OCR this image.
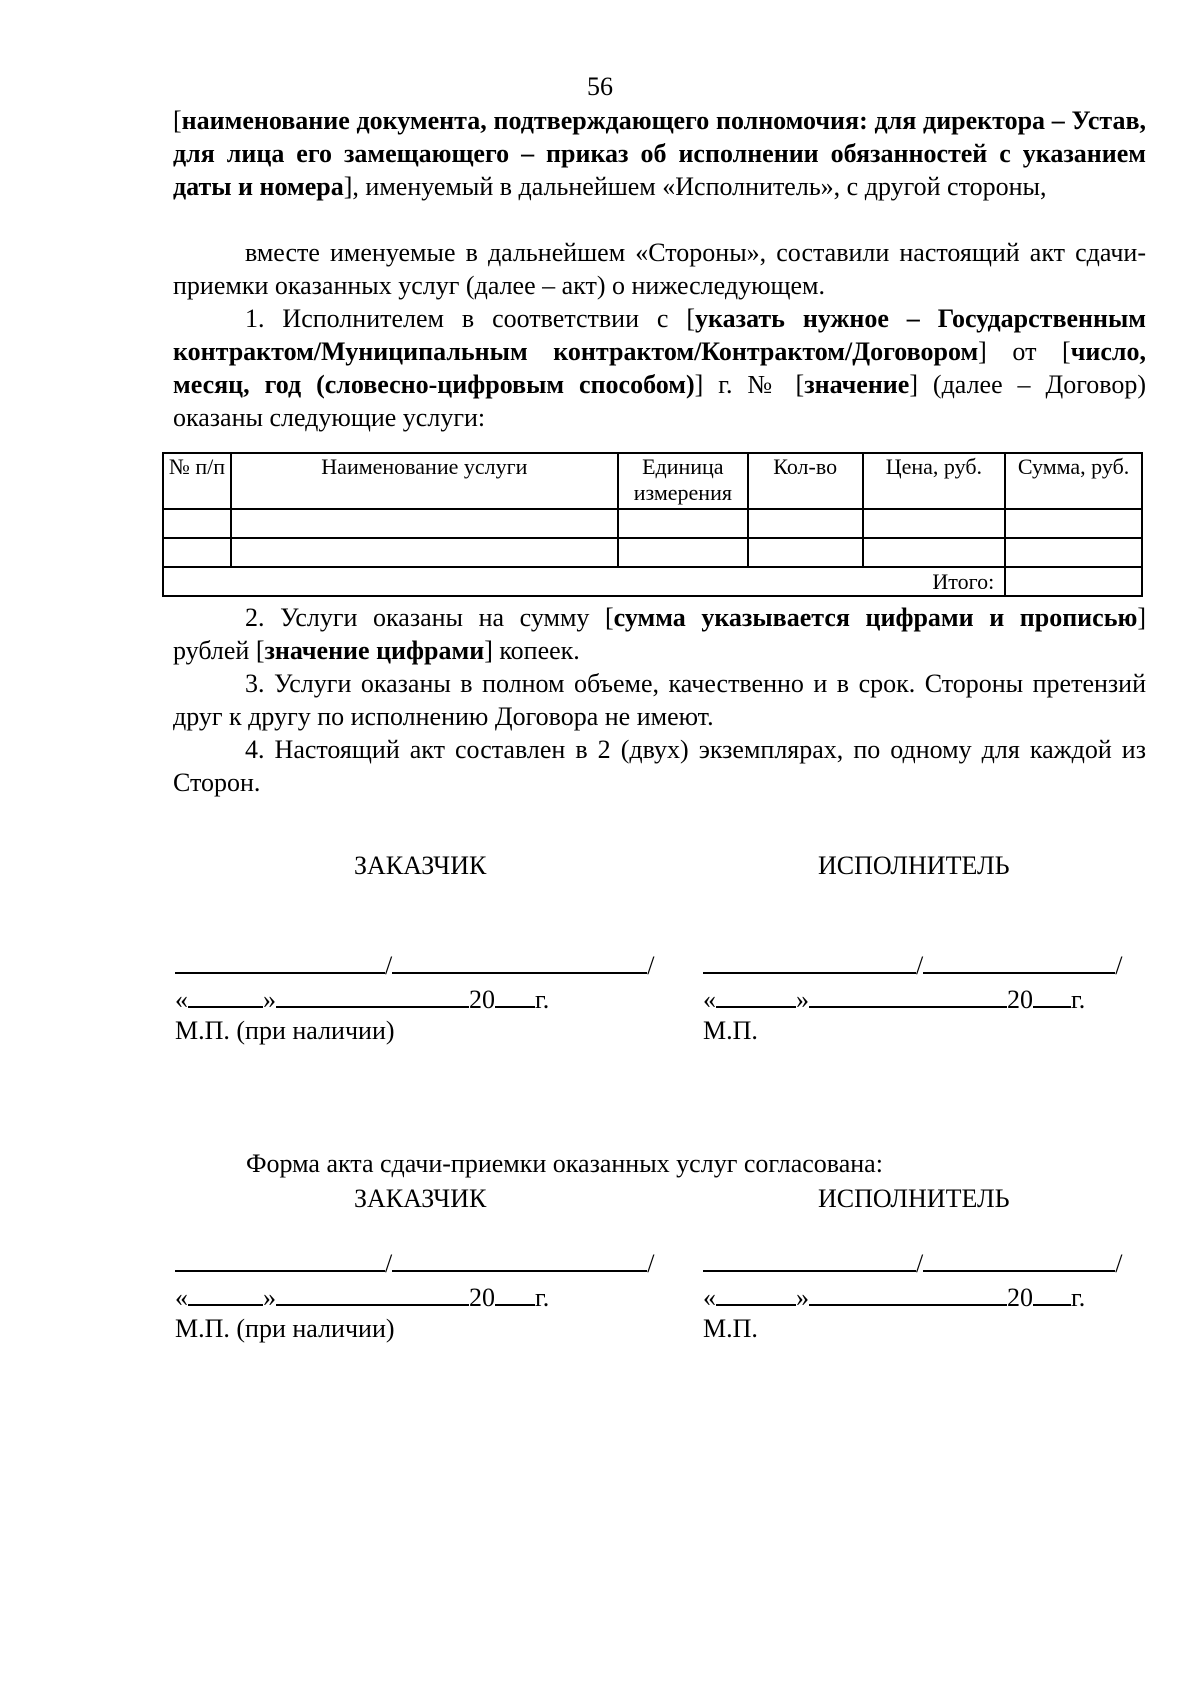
56

[наименование документа, подтверждающего полномочия: для директора – Устав, для лица его замещающего – приказ об исполнении обязанностей с указанием даты и номера], именуемый в дальнейшем «Исполнитель», с другой стороны,

вместе именуемые в дальнейшем «Стороны», составили настоящий акт сдачи-приемки оказанных услуг (далее – акт) о нижеследующем.

1. Исполнителем в соответствии с [указать нужное – Государственным контрактом/Муниципальным контрактом/Контрактом/Договором] от [число, месяц, год (словесно-цифровым способом)] г. № [значение] (далее – Договор) оказаны следующие услуги:

№ п/п	Наименование услуги	Единица измерения	Кол-во	Цена, руб.	Сумма, руб.

Итого:					

2. Услуги оказаны на сумму [сумма указывается цифрами и прописью] рублей [значение цифрами] копеек.

3. Услуги оказаны в полном объеме, качественно и в срок. Стороны претензий друг к другу по исполнению Договора не имеют.

4. Настоящий акт составлен в 2 (двух) экземплярах, по одному для каждой из Сторон.

ЗАКАЗЧИК	ИСПОЛНИТЕЛЬ
/	/
«	»	20 г.
М.П. (при наличии)
/	/
«	»	20 г.
М.П.
Форма акта сдачи-приемки оказанных услуг согласована:
ЗАКАЗЧИК	ИСПОЛНИТЕЛЬ
/	/
«	»	20 г.
М.П. (при наличии)
/	/
«	»	20 г.
М.П.
